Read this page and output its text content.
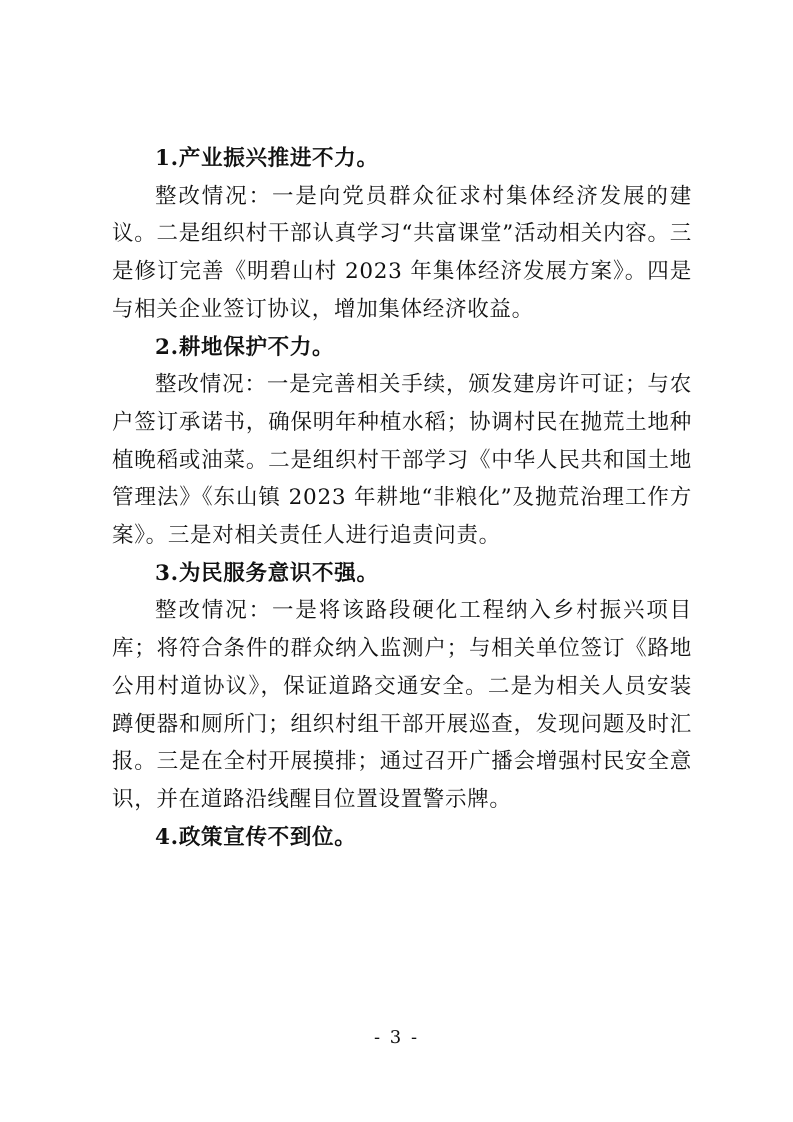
1.产业振兴推进不力。

整改情况：一是向党员群众征求村集体经济发展的建议。二是组织村干部认真学习“共富课堂”活动相关内容。三是修订完善《明碧山村 2023 年集体经济发展方案》。四是与相关企业签订协议，增加集体经济收益。

2.耕地保护不力。

整改情况：一是完善相关手续，颁发建房许可证；与农户签订承诺书，确保明年种植水稻；协调村民在抛荒土地种植晚稻或油菜。二是组织村干部学习《中华人民共和国土地管理法》《东山镇 2023 年耕地“非粮化”及抛荒治理工作方案》。三是对相关责任人进行追责问责。

3.为民服务意识不强。

整改情况：一是将该路段硬化工程纳入乡村振兴项目库；将符合条件的群众纳入监测户；与相关单位签订《路地公用村道协议》，保证道路交通安全。二是为相关人员安装蹲便器和厕所门；组织村组干部开展巡查，发现问题及时汇报。三是在全村开展摸排；通过召开广播会增强村民安全意识，并在道路沿线醒目位置设置警示牌。

4.政策宣传不到位。

- 3 -
